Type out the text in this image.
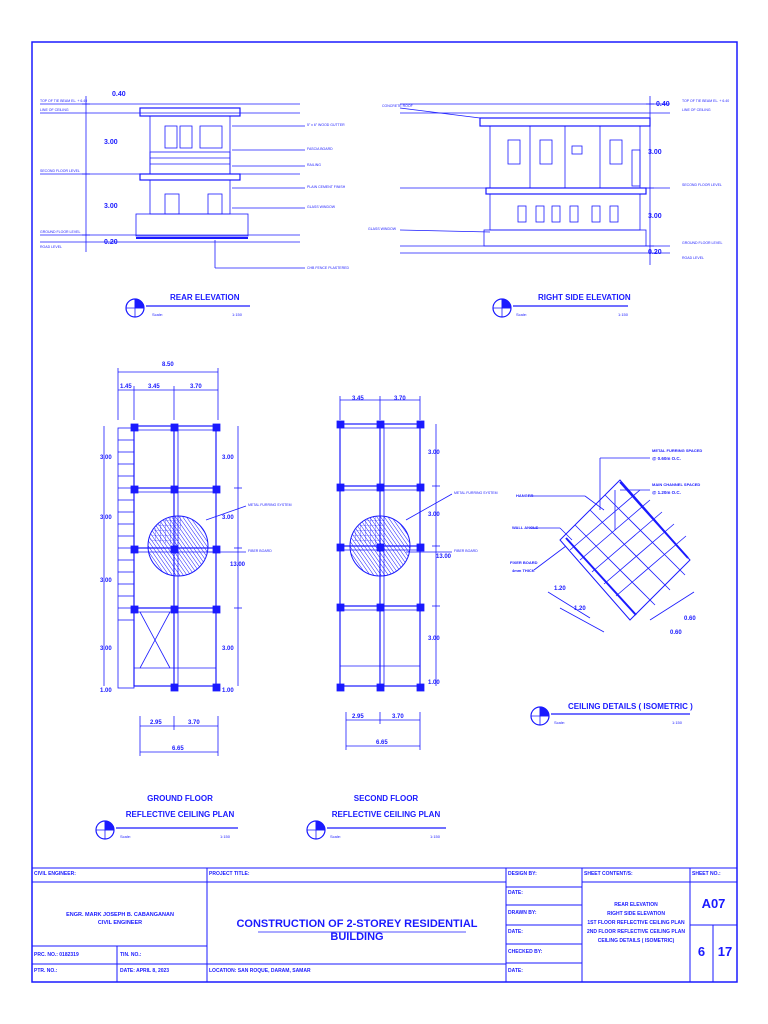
0.40
3.00
3.00
0.20
TOP OF TIE BEAM EL. + 6.40
LINE OF CEILING
SECOND FLOOR LEVEL
GROUND FLOOR LEVEL
ROAD LEVEL
5" x 6" WOOD GUTTER
FASCIA BOARD
RAILING
PLAIN CEMENT FINISH
GLASS WINDOW
CHB FENCE PLASTERED
REAR ELEVATION
Scale:	1:150
0.40
3.00
3.00
0.20
TOP OF TIE BEAM EL. + 6.40
LINE OF CEILING
SECOND FLOOR LEVEL
GROUND FLOOR LEVEL
ROAD LEVEL
CONCRETE ROOF
GLASS WINDOW
RIGHT SIDE ELEVATION
Scale:	1:150
8.50
1.45	3.45	3.70
3.00
3.00
3.00
3.00
1.00
3.00
3.00
13.00
3.00
1.00
METAL FURRING SYSTEM
FIBER BOARD
2.95	3.70
6.65
GROUND FLOOR
REFLECTIVE CEILING PLAN
Scale:	1:150
3.45	3.70
3.00
3.00
13.00
3.00
1.00
METAL FURRING SYSTEM
FIBER BOARD
2.95	3.70
6.65
SECOND FLOOR
REFLECTIVE CEILING PLAN
Scale:	1:150
METAL FURRING SPACED
@ 0.60m O.C.
MAIN CHANNEL SPACED
@ 1.20m O.C.
HANGER
WALL ANGLE
FIXER BOARD
4mm THICK
1.20
1.20
0.60
0.60
CEILING DETAILS ( ISOMETRIC )
Scale:	1:150
CIVIL ENGINEER:
ENGR. MARK JOSEPH B. CABANGANAN
CIVIL ENGINEER
PRC. NO.: 0182319	TIN. NO.:
PTR. NO.:	DATE: APRIL 8, 2023
PROJECT TITLE:
CONSTRUCTION OF 2-STOREY RESIDENTIAL BUILDING
LOCATION: SAN ROQUE, DARAM, SAMAR
DESIGN BY:
DATE:
DRAWN BY:
DATE:
CHECKED BY:
DATE:
SHEET CONTENT/S:
REAR ELEVATION
RIGHT SIDE ELEVATION
1ST FLOOR REFLECTIVE CEILING PLAN
2ND FLOOR REFLECTIVE CEILING PLAN
CEILING DETAILS ( ISOMETRIC)
SHEET NO.:
A07
6 17
